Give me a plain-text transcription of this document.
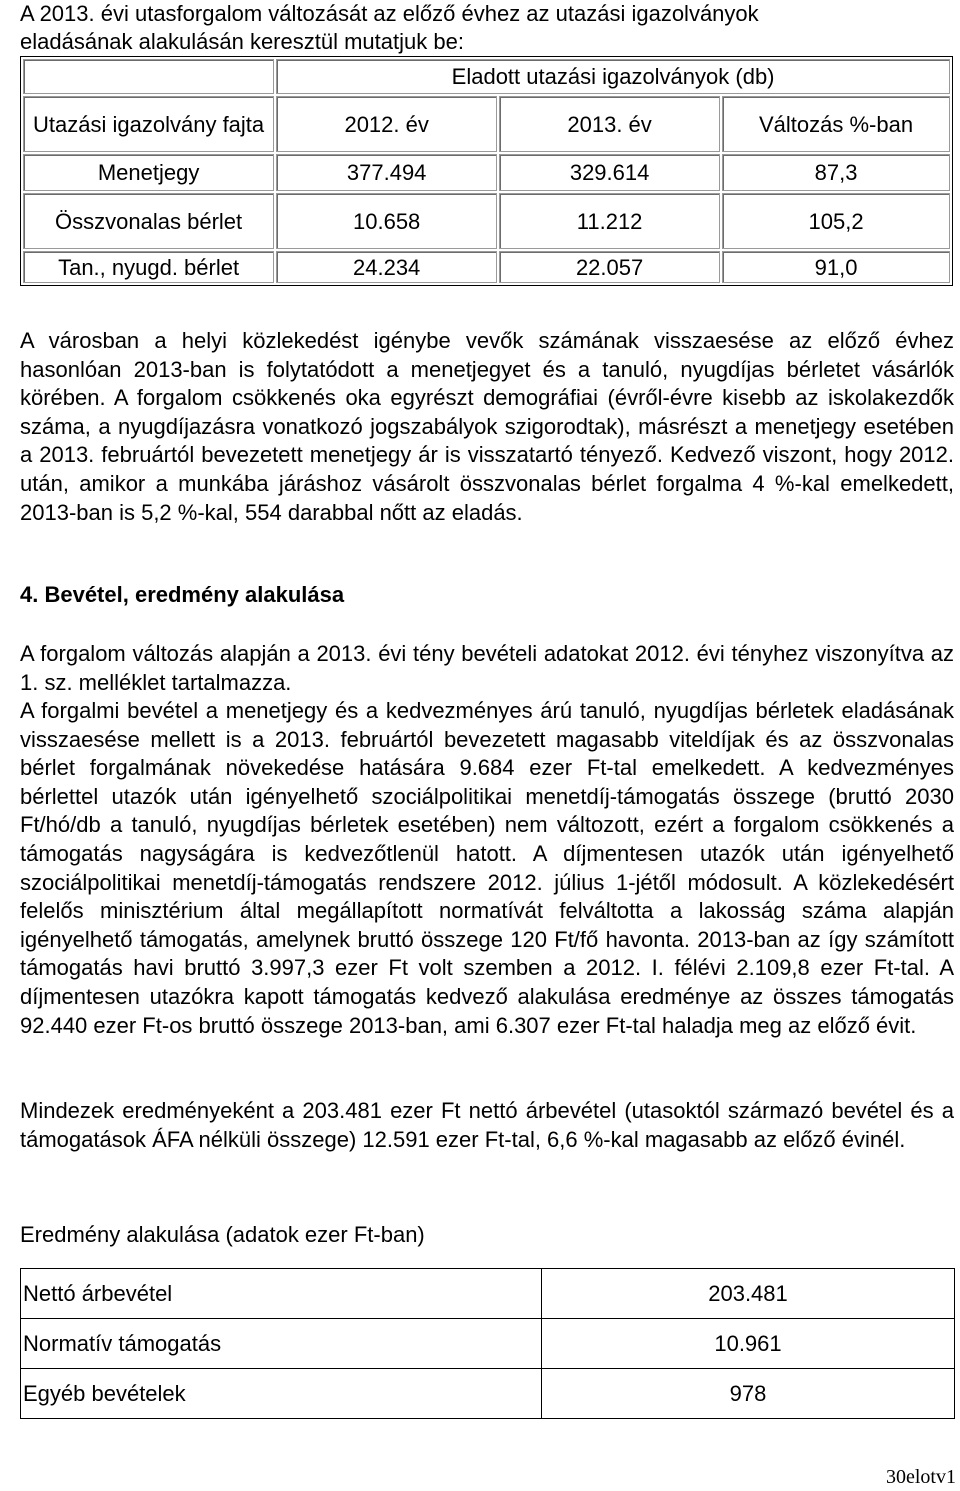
A 2013. évi utasforgalom változását az előző évhez az utazási igazolványok
eladásának alakulásán keresztül mutatjuk be:

	Eladott utazási igazolványok (db)		
Utazási igazolvány fajta	2012. év	2013. év	Változás %-ban
Menetjegy	377.494	329.614	87,3
Összvonalas bérlet	10.658	11.212	105,2
Tan., nyugd. bérlet	24.234	22.057	91,0

A városban a helyi közlekedést igénybe vevők számának visszaesése az előző évhez hasonlóan 2013-ban is folytatódott a menetjegyet és a tanuló, nyugdíjas bérletet vásárlók körében. A forgalom csökkenés oka egyrészt demográfiai (évről-évre kisebb az iskolakezdők száma, a nyugdíjazásra vonatkozó jogszabályok szigorodtak), másrészt a menetjegy esetében a 2013. februártól bevezetett menetjegy ár is visszatartó tényező. Kedvező viszont, hogy 2012. után, amikor a munkába járáshoz vásárolt összvonalas bérlet forgalma 4 %-kal emelkedett, 2013-ban is 5,2 %-kal, 554 darabbal nőtt az eladás.

4. Bevétel, eredmény alakulása

A forgalom változás alapján a 2013. évi tény bevételi adatokat 2012. évi tényhez viszonyítva az 1. sz. melléklet tartalmazza.

A forgalmi bevétel a menetjegy és a kedvezményes árú tanuló, nyugdíjas bérletek eladásának visszaesése mellett is a 2013. februártól bevezetett magasabb viteldíjak és az összvonalas bérlet forgalmának növekedése hatására 9.684 ezer Ft-tal emelkedett. A kedvezményes bérlettel utazók után igényelhető szociálpolitikai menetdíj-támogatás összege (bruttó 2030 Ft/hó/db a tanuló, nyugdíjas bérletek esetében) nem változott, ezért a forgalom csökkenés a támogatás nagyságára is kedvezőtlenül hatott. A díjmentesen utazók után igényelhető szociálpolitikai menetdíj-támogatás rendszere 2012. július 1-jétől módosult. A közlekedésért felelős minisztérium által megállapított normatívát felváltotta a lakosság száma alapján igényelhető támogatás, amelynek bruttó összege 120 Ft/fő havonta. 2013-ban az így számított támogatás havi bruttó 3.997,3 ezer Ft volt szemben a 2012. I. félévi 2.109,8 ezer Ft-tal. A díjmentesen utazókra kapott támogatás kedvező alakulása eredménye az összes támogatás 92.440 ezer Ft-os bruttó összege 2013-ban, ami 6.307 ezer Ft-tal haladja meg az előző évit.

Mindezek eredményeként a 203.481 ezer Ft nettó árbevétel (utasoktól származó bevétel és a támogatások ÁFA nélküli összege) 12.591 ezer Ft-tal, 6,6 %-kal magasabb az előző évinél.

Eredmény alakulása (adatok ezer Ft-ban)

Nettó árbevétel	203.481
Normatív támogatás	10.961
Egyéb bevételek	978
30elotv1
